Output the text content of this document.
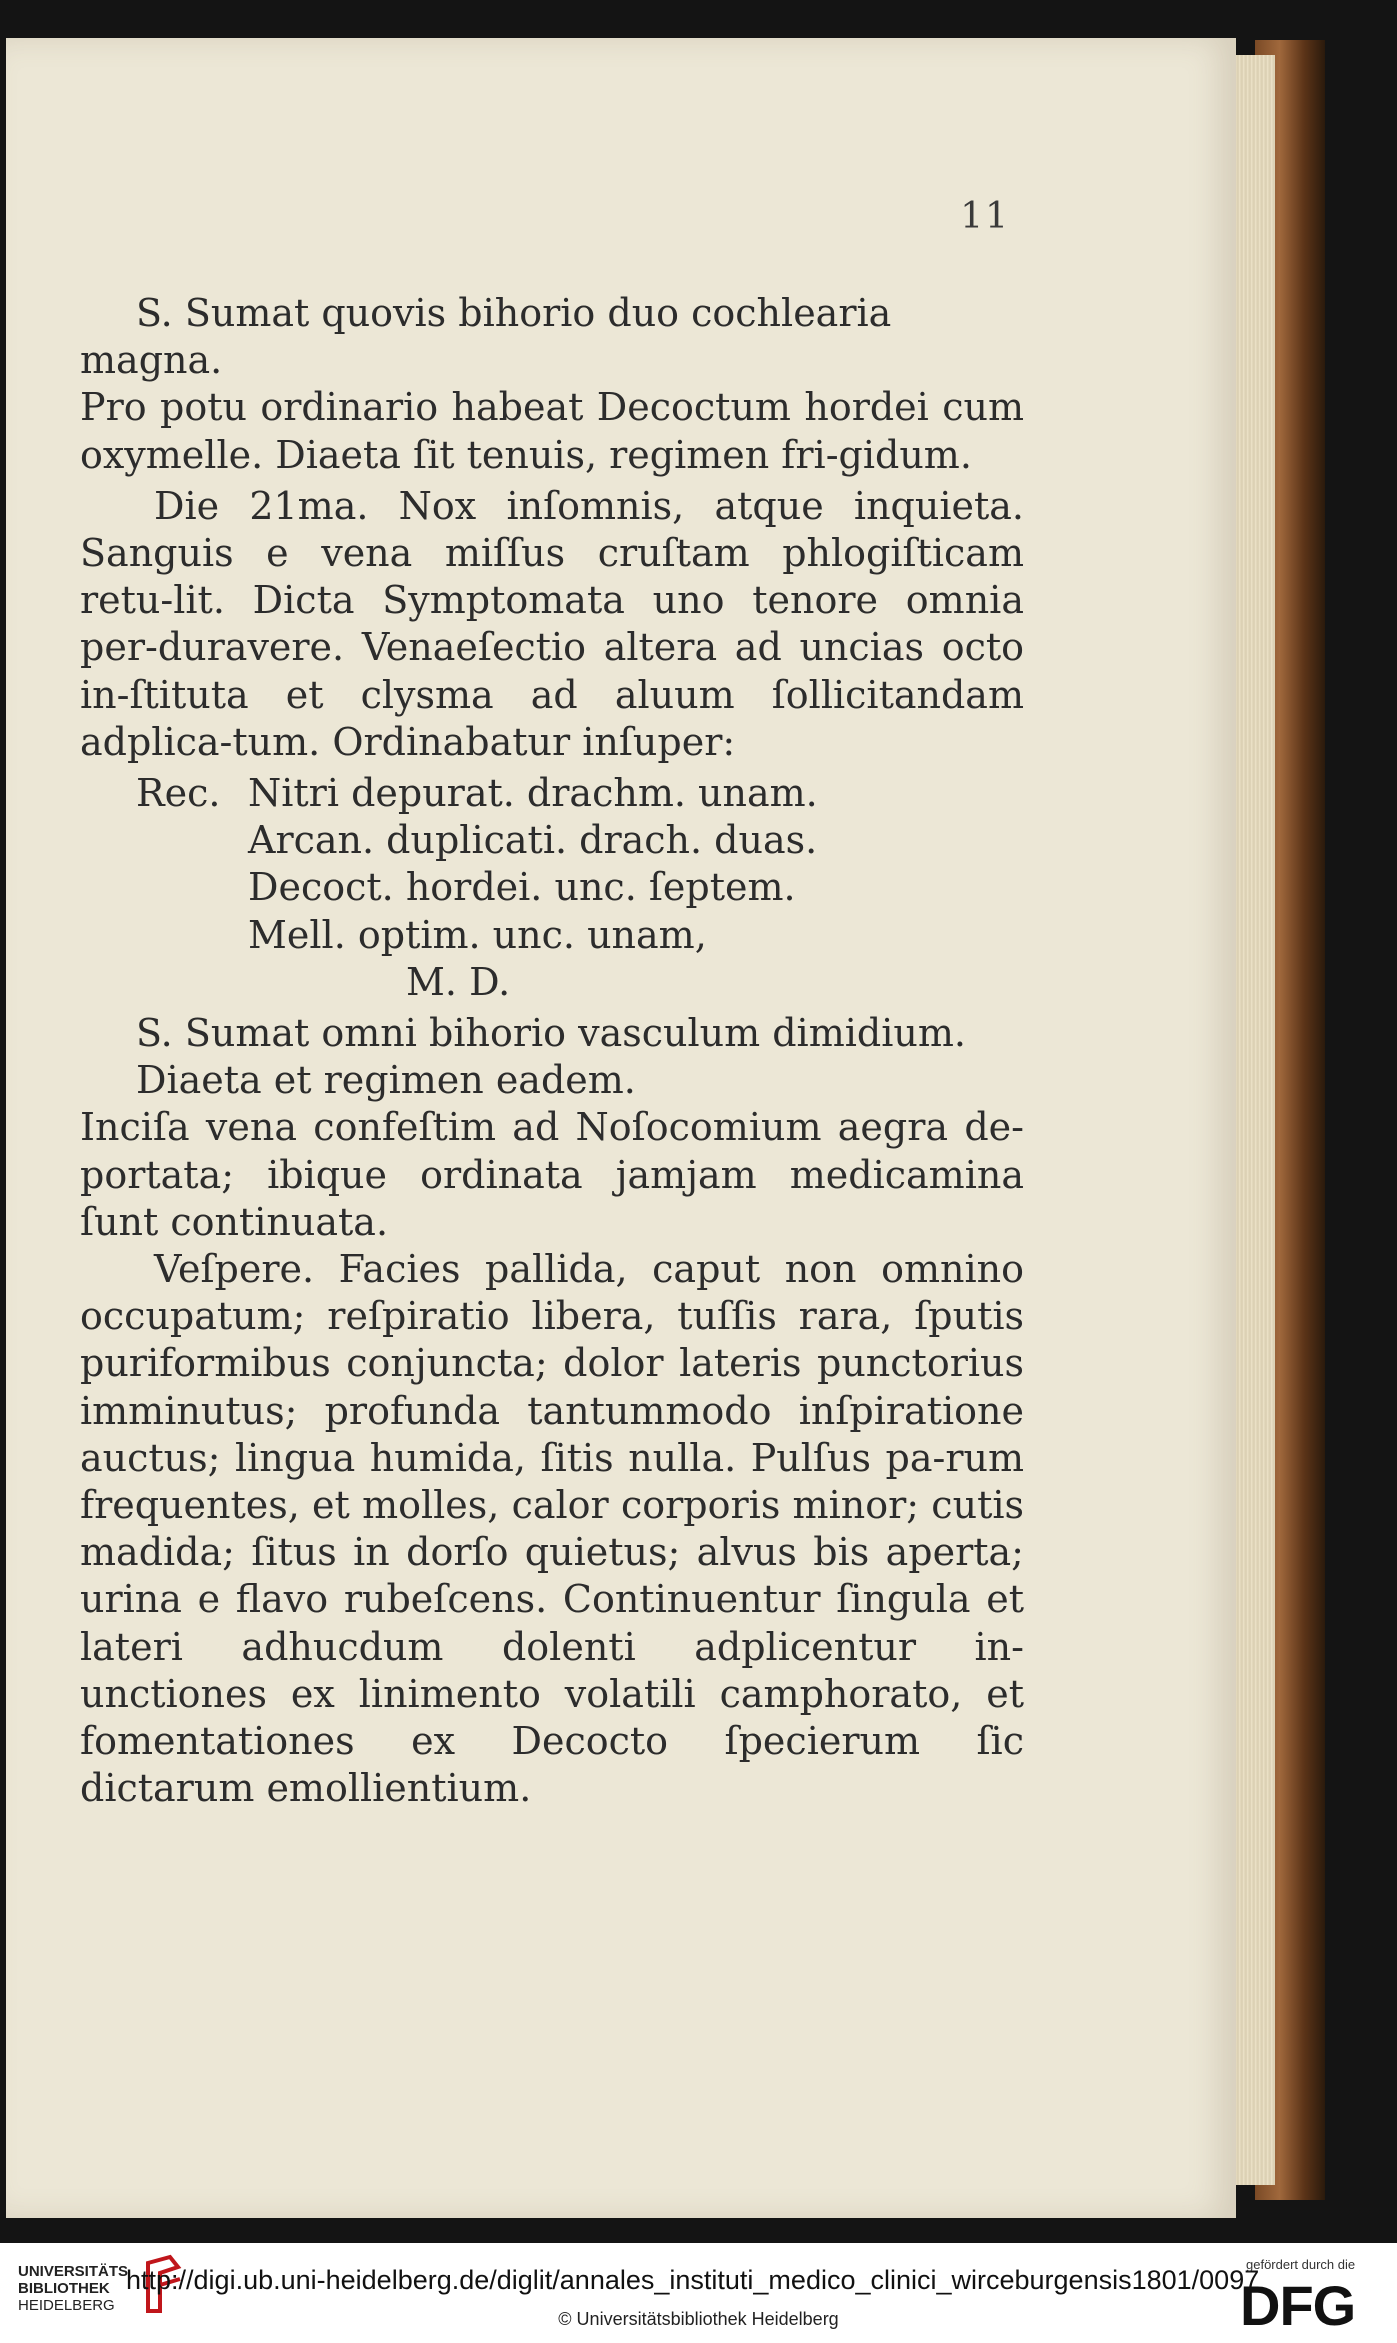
11

S. Sumat quovis bihorio duo cochlearia

magna.

Pro potu ordinario habeat Decoctum hordei cum oxymelle. Diaeta ſit tenuis, regimen fri-gidum.

Die 21ma. Nox inſomnis, atque inquieta. Sanguis e vena miſſus cruſtam phlogiſticam retu-lit. Dicta Symptomata uno tenore omnia per-duravere. Venaeſectio altera ad uncias octo in-ſtituta et clysma ad aluum ſollicitandam adplica-tum. Ordinabatur inſuper:

Rec. Nitri depurat. drachm. unam.
Arcan. duplicati. drach. duas.
Decoct. hordei. unc. ſeptem.
Mell. optim. unc. unam,
M. D.

S. Sumat omni bihorio vasculum dimidium.

Diaeta et regimen eadem.

Inciſa vena confeſtim ad Noſocomium aegra de-portata; ibique ordinata jamjam medicamina ſunt continuata.

Veſpere. Facies pallida, caput non omnino occupatum; reſpiratio libera, tuſſis rara, ſputis puriformibus conjuncta; dolor lateris punctorius imminutus; profunda tantummodo inſpiratione auctus; lingua humida, ſitis nulla. Pulſus pa-rum frequentes, et molles, calor corporis minor; cutis madida; ſitus in dorſo quietus; alvus bis aperta; urina e flavo rubeſcens. Continuentur ſingula et lateri adhucdum dolenti adplicentur in-unctiones ex linimento volatili camphorato, et fomentationes ex Decocto ſpecierum ſic dictarum emollientium.

UNIVERSITÄTS
BIBLIOTHEK
HEIDELBERG
http://digi.ub.uni-heidelberg.de/diglit/annales_instituti_medico_clinici_wirceburgensis1801/0097
© Universitätsbibliothek Heidelberg
gefördert durch die
DFG
